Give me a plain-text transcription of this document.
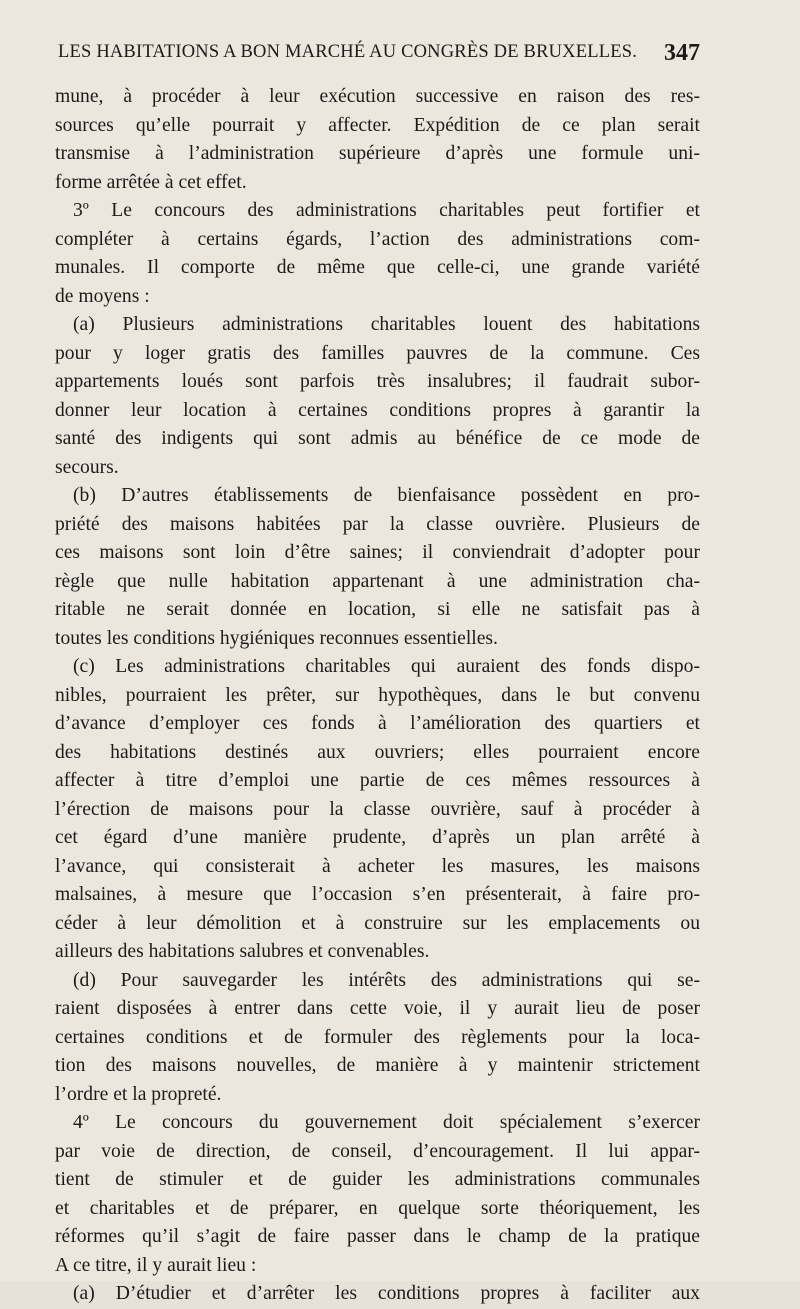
LES HABITATIONS A BON MARCHÉ AU CONGRÈS DE BRUXELLES. 347
mune, à procéder à leur exécution successive en raison des res-
sources qu’elle pourrait y affecter. Expédition de ce plan serait
transmise à l’administration supérieure d’après une formule uni-
forme arrêtée à cet effet.
3º Le concours des administrations charitables peut fortifier et
compléter à certains égards, l’action des administrations com-
munales. Il comporte de même que celle-ci, une grande variété
de moyens :
(a) Plusieurs administrations charitables louent des habitations
pour y loger gratis des familles pauvres de la commune. Ces
appartements loués sont parfois très insalubres; il faudrait subor-
donner leur location à certaines conditions propres à garantir la
santé des indigents qui sont admis au bénéfice de ce mode de
secours.
(b) D’autres établissements de bienfaisance possèdent en pro-
priété des maisons habitées par la classe ouvrière. Plusieurs de
ces maisons sont loin d’être saines; il conviendrait d’adopter pour
règle que nulle habitation appartenant à une administration cha-
ritable ne serait donnée en location, si elle ne satisfait pas à
toutes les conditions hygiéniques reconnues essentielles.
(c) Les administrations charitables qui auraient des fonds dispo-
nibles, pourraient les prêter, sur hypothèques, dans le but convenu
d’avance d’employer ces fonds à l’amélioration des quartiers et
des habitations destinés aux ouvriers; elles pourraient encore
affecter à titre d’emploi une partie de ces mêmes ressources à
l’érection de maisons pour la classe ouvrière, sauf à procéder à
cet égard d’une manière prudente, d’après un plan arrêté à
l’avance, qui consisterait à acheter les masures, les maisons
malsaines, à mesure que l’occasion s’en présenterait, à faire pro-
céder à leur démolition et à construire sur les emplacements ou
ailleurs des habitations salubres et convenables.
(d) Pour sauvegarder les intérêts des administrations qui se-
raient disposées à entrer dans cette voie, il y aurait lieu de poser
certaines conditions et de formuler des règlements pour la loca-
tion des maisons nouvelles, de manière à y maintenir strictement
l’ordre et la propreté.
4º Le concours du gouvernement doit spécialement s’exercer
par voie de direction, de conseil, d’encouragement. Il lui appar-
tient de stimuler et de guider les administrations communales
et charitables et de préparer, en quelque sorte théoriquement, les
réformes qu’il s’agit de faire passer dans le champ de la pratique
A ce titre, il y aurait lieu :
(a) D’étudier et d’arrêter les conditions propres à faciliter aux
